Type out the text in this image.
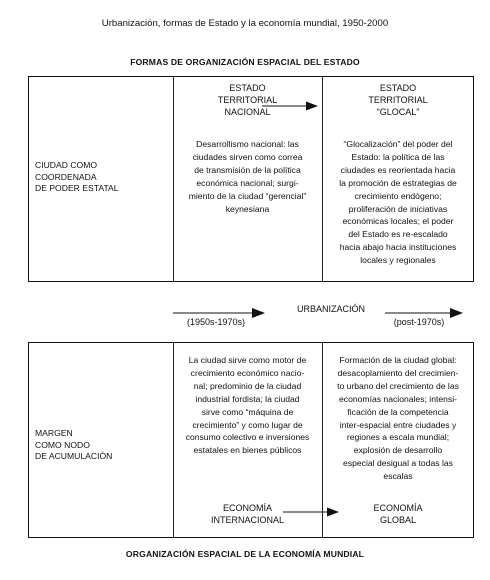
Urbanización, formas de Estado y la economía mundial, 1950-2000
FORMAS DE ORGANIZACIÓN ESPACIAL DEL ESTADO
ORGANIZACIÓN ESPACIAL DE LA ECONOMÍA MUNDIAL
CIUDAD COMO
COORDENADA
DE PODER ESTATAL
ESTADO
TERRITORIAL
NACIONAL
ESTADO
TERRITORIAL
“GLOCAL”
Desarrollismo nacional: las
ciudades sirven como correa
de transmisión de la política
económica nacional; surgi-
miento de la ciudad “gerencial”
keynesiana
“Glocalización” del poder del
Estado: la política de las
ciudades es reorientada hacia
la promoción de estrategias de
crecimiento endógeno;
proliferación de iniciativas
económicas locales; el poder
del Estado es re-escalado
hacia abajo hacia instituciones
locales y regionales
URBANIZACIÓN
(1950s-1970s)	(post-1970s)
MARGEN
COMO NODO
DE ACUMULACIÓN
La ciudad sirve como motor de
crecimiento económico nacio-
nal; predominio de la ciudad
industrial fordista; la ciudad
sirve como “máquina de
crecimiento” y como lugar de
consumo colectivo e inversiones
estatales en bienes públicos
Formación de la ciudad global:
desacoplamiento del crecimien-
to urbano del crecimiento de las
economías nacionales; intensi-
ficación de la competencia
inter-espacial entre ciudades y
regiones a escala mundial;
explosión de desarrollo
especial desigual a todas las
escalas
ECONOMÍA
INTERNACIONAL
ECONOMÍA
GLOBAL
